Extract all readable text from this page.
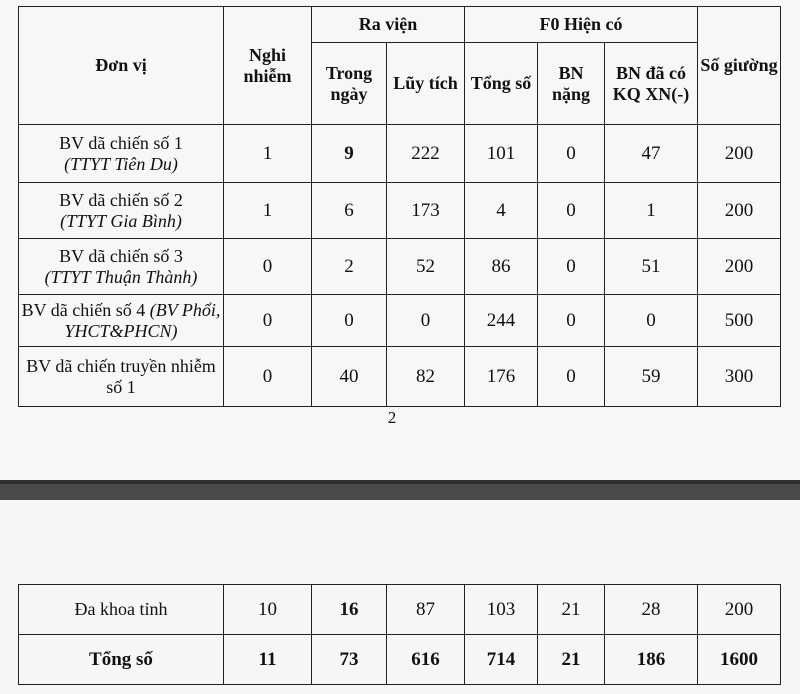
Đơn vị	Nghi nhiễm	Ra viện		F0 Hiện có			Số giường
		Trong ngày	Lũy tích	Tổng số	BN nặng	BN đã có KQ XN(-)	
BV dã chiến số 1
(TTYT Tiên Du)	1	9	222	101	0	47	200
BV dã chiến số 2
(TTYT Gia Bình)	1	6	173	4	0	1	200
BV dã chiến số 3
(TTYT Thuận Thành)	0	2	52	86	0	51	200
BV dã chiến số 4 (BV Phổi, YHCT&PHCN)	0	0	0	244	0	0	500
BV dã chiến truyền nhiễm số 1	0	40	82	176	0	59	300
2
Đa khoa tỉnh	10	16	87	103	21	28	200
Tổng số	11	73	616	714	21	186	1600
